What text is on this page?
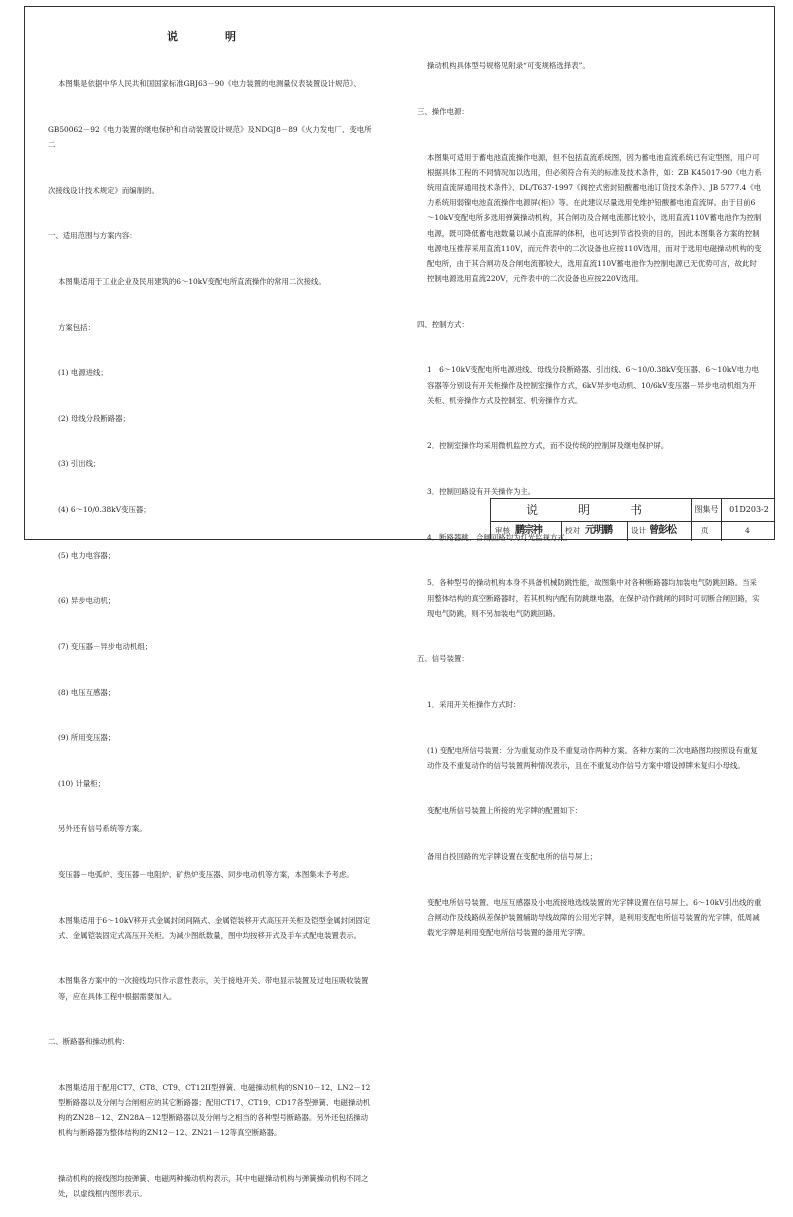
说　明

本图集是依据中华人民共和国国家标准GBJ63－90《电力装置的电测量仪表装置设计规范》、

GB50062－92《电力装置的继电保护和自动装置设计规范》及NDGJ8－89《火力发电厂、变电所二

次接线设计技术规定》而编制的。

一、适用范围与方案内容：

本图集适用于工业企业及民用建筑的6～10kV变配电所直流操作的常用二次接线。

方案包括：

(1) 电源进线；

(2) 母线分段断路器；

(3) 引出线；

(4) 6～10/0.38kV变压器；

(5) 电力电容器；

(6) 异步电动机；

(7) 变压器－异步电动机组；

(8) 电压互感器；

(9) 所用变压器；

(10) 计量柜；

另外还有信号系统等方案。

变压器－电弧炉、变压器－电阻炉、矿热炉变压器、同步电动机等方案，本图集未予考虑。

本图集适用于6～10kV移开式金属封闭间隔式、金属铠装移开式高压开关柜及铠型金属封闭固定式、金属铠装固定式高压开关柜。为减少图纸数量，图中均按移开式及手车式配电装置表示。

本图集各方案中的一次接线均只作示意性表示，关于接地开关、带电显示装置及过电压吸收装置等，应在具体工程中根据需要加入。

二、断路器和操动机构：

本图集适用于配用CT7、CT8、CT9、CT12II型弹簧、电磁操动机构的SN10－12、LN2－12型断路器以及分闸与合闸相应的其它断路器；配用CT17、CT19、CD17各型弹簧、电磁操动机构的ZN28－12、ZN28A－12型断路器以及分闸与之相当的各种型号断路器。另外还包括操动机构与断路器为整体结构的ZN12－12、ZN21－12等真空断路器。

操动机构的接线图均按弹簧、电磁两种操动机构表示，其中电磁操动机构与弹簧操动机构不同之处，以虚线框内图形表示。

操动机构具体型号规格见附录“可变规格选择表”。

三、操作电源：

本图集可适用于蓄电池直流操作电源，但不包括直流系统图，因为蓄电池直流系统已有定型图，用户可根据具体工程的不同情况加以选用，但必须符合有关的标准及技术条件，如：ZB K45017-90《电力系统用直流屏通用技术条件》、DL/T637-1997《阀控式密封铅酸蓄电池订货技术条件》、JB 5777.4《电力系统用弱镍电池直流操作电源屏(柜)》等。在此建议尽量选用免维护铅酸蓄电池直流屏。由于目前6～10kV变配电所多选用弹簧操动机构，其合闸功及合闸电流都比较小，选用直流110V蓄电池作为控制电源，既可降低蓄电池数量以减小直流屏的体积，也可达到节省投资的目的，因此本图集各方案的控制电源电压推荐采用直流110V，而元件表中的二次设备也应按110V选用，而对于选用电磁操动机构的变配电所，由于其合闸功及合闸电流都较大，选用直流110V蓄电池作为控制电源已无优势可言，故此时控制电源选用直流220V，元件表中的二次设备也应按220V选用。

四、控制方式：

1　6～10kV变配电所电源进线、母线分段断路器、引出线、6～10/0.38kV变压器、6～10kV电力电容器等分别设有开关柜操作及控制室操作方式，6kV异步电动机、10/6kV变压器－异步电动机组为开关柜、机旁操作方式及控制室、机旁操作方式。

2．控制室操作均采用微机监控方式，而不设传统的控制屏及继电保护屏。

3．控制回路设有开关操作为主。

4．断路器跳、合闸回路均为灯光监视方式。

5．各种型号的操动机构本身不具备机械防跳性能，故图集中对各种断路器均加装电气防跳回路。当采用整体结构的真空断路器时，若其机构内配有防跳继电器，在保护动作跳闸的同时可切断合闸回路，实现电气防跳，则不另加装电气防跳回路。

五、信号装置：

1．采用开关柜操作方式时：

(1) 变配电所信号装置：分为重复动作及不重复动作两种方案。各种方案的二次电路图均按照设有重复动作及不重复动作的信号装置两种情况表示，且在不重复动作信号方案中增设掉牌未复归小母线。

变配电所信号装置上所接的光字牌的配置如下：

备用自投回路的光字牌设置在变配电所的信号屏上；

变配电所信号装置、电压互感器及小电流接地选线装置的光字牌设置在信号屏上。6～10kV引出线的重合闸动作及线路纵差保护装置辅助导线故障的公用光字牌，是利用变配电所信号装置的光字牌，低周减载光字牌是利用变配电所信号装置的备用光字牌。

说　明　书	图集号	01D203-2
审核 鹏宗祎	校对 元明鹏	设计 曾彭松	页	4
